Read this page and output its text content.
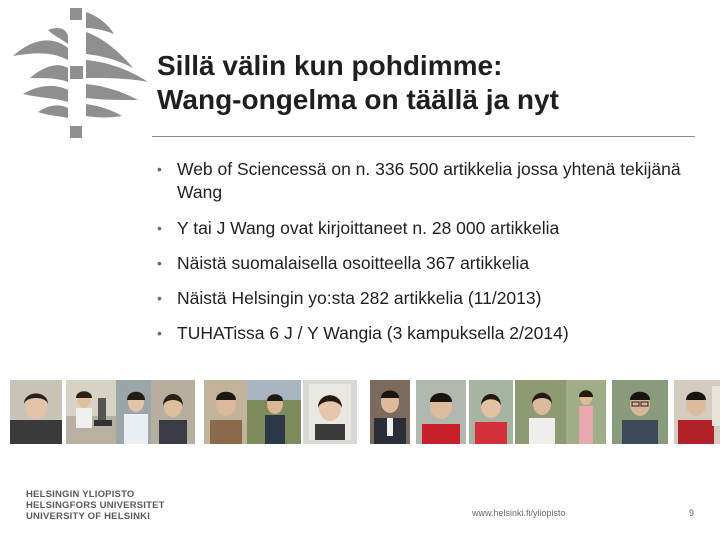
Sillä välin kun pohdimme:
Wang-ongelma on täällä ja nyt
• Web of Sciencessä on n. 336 500 artikkelia jossa yhtenä tekijänä Wang
• Y tai J Wang ovat kirjoittaneet n. 28 000 artikkelia
• Näistä suomalaisella osoitteella 367 artikkelia
• Näistä Helsingin yo:sta 282 artikkelia (11/2013)
• TUHATissa 6 J / Y Wangia (3 kampuksella 2/2014)
HELSINGIN YLIOPISTO
HELSINGFORS UNIVERSITET
UNIVERSITY OF HELSINKI	www.helsinki.fi/yliopisto	9
